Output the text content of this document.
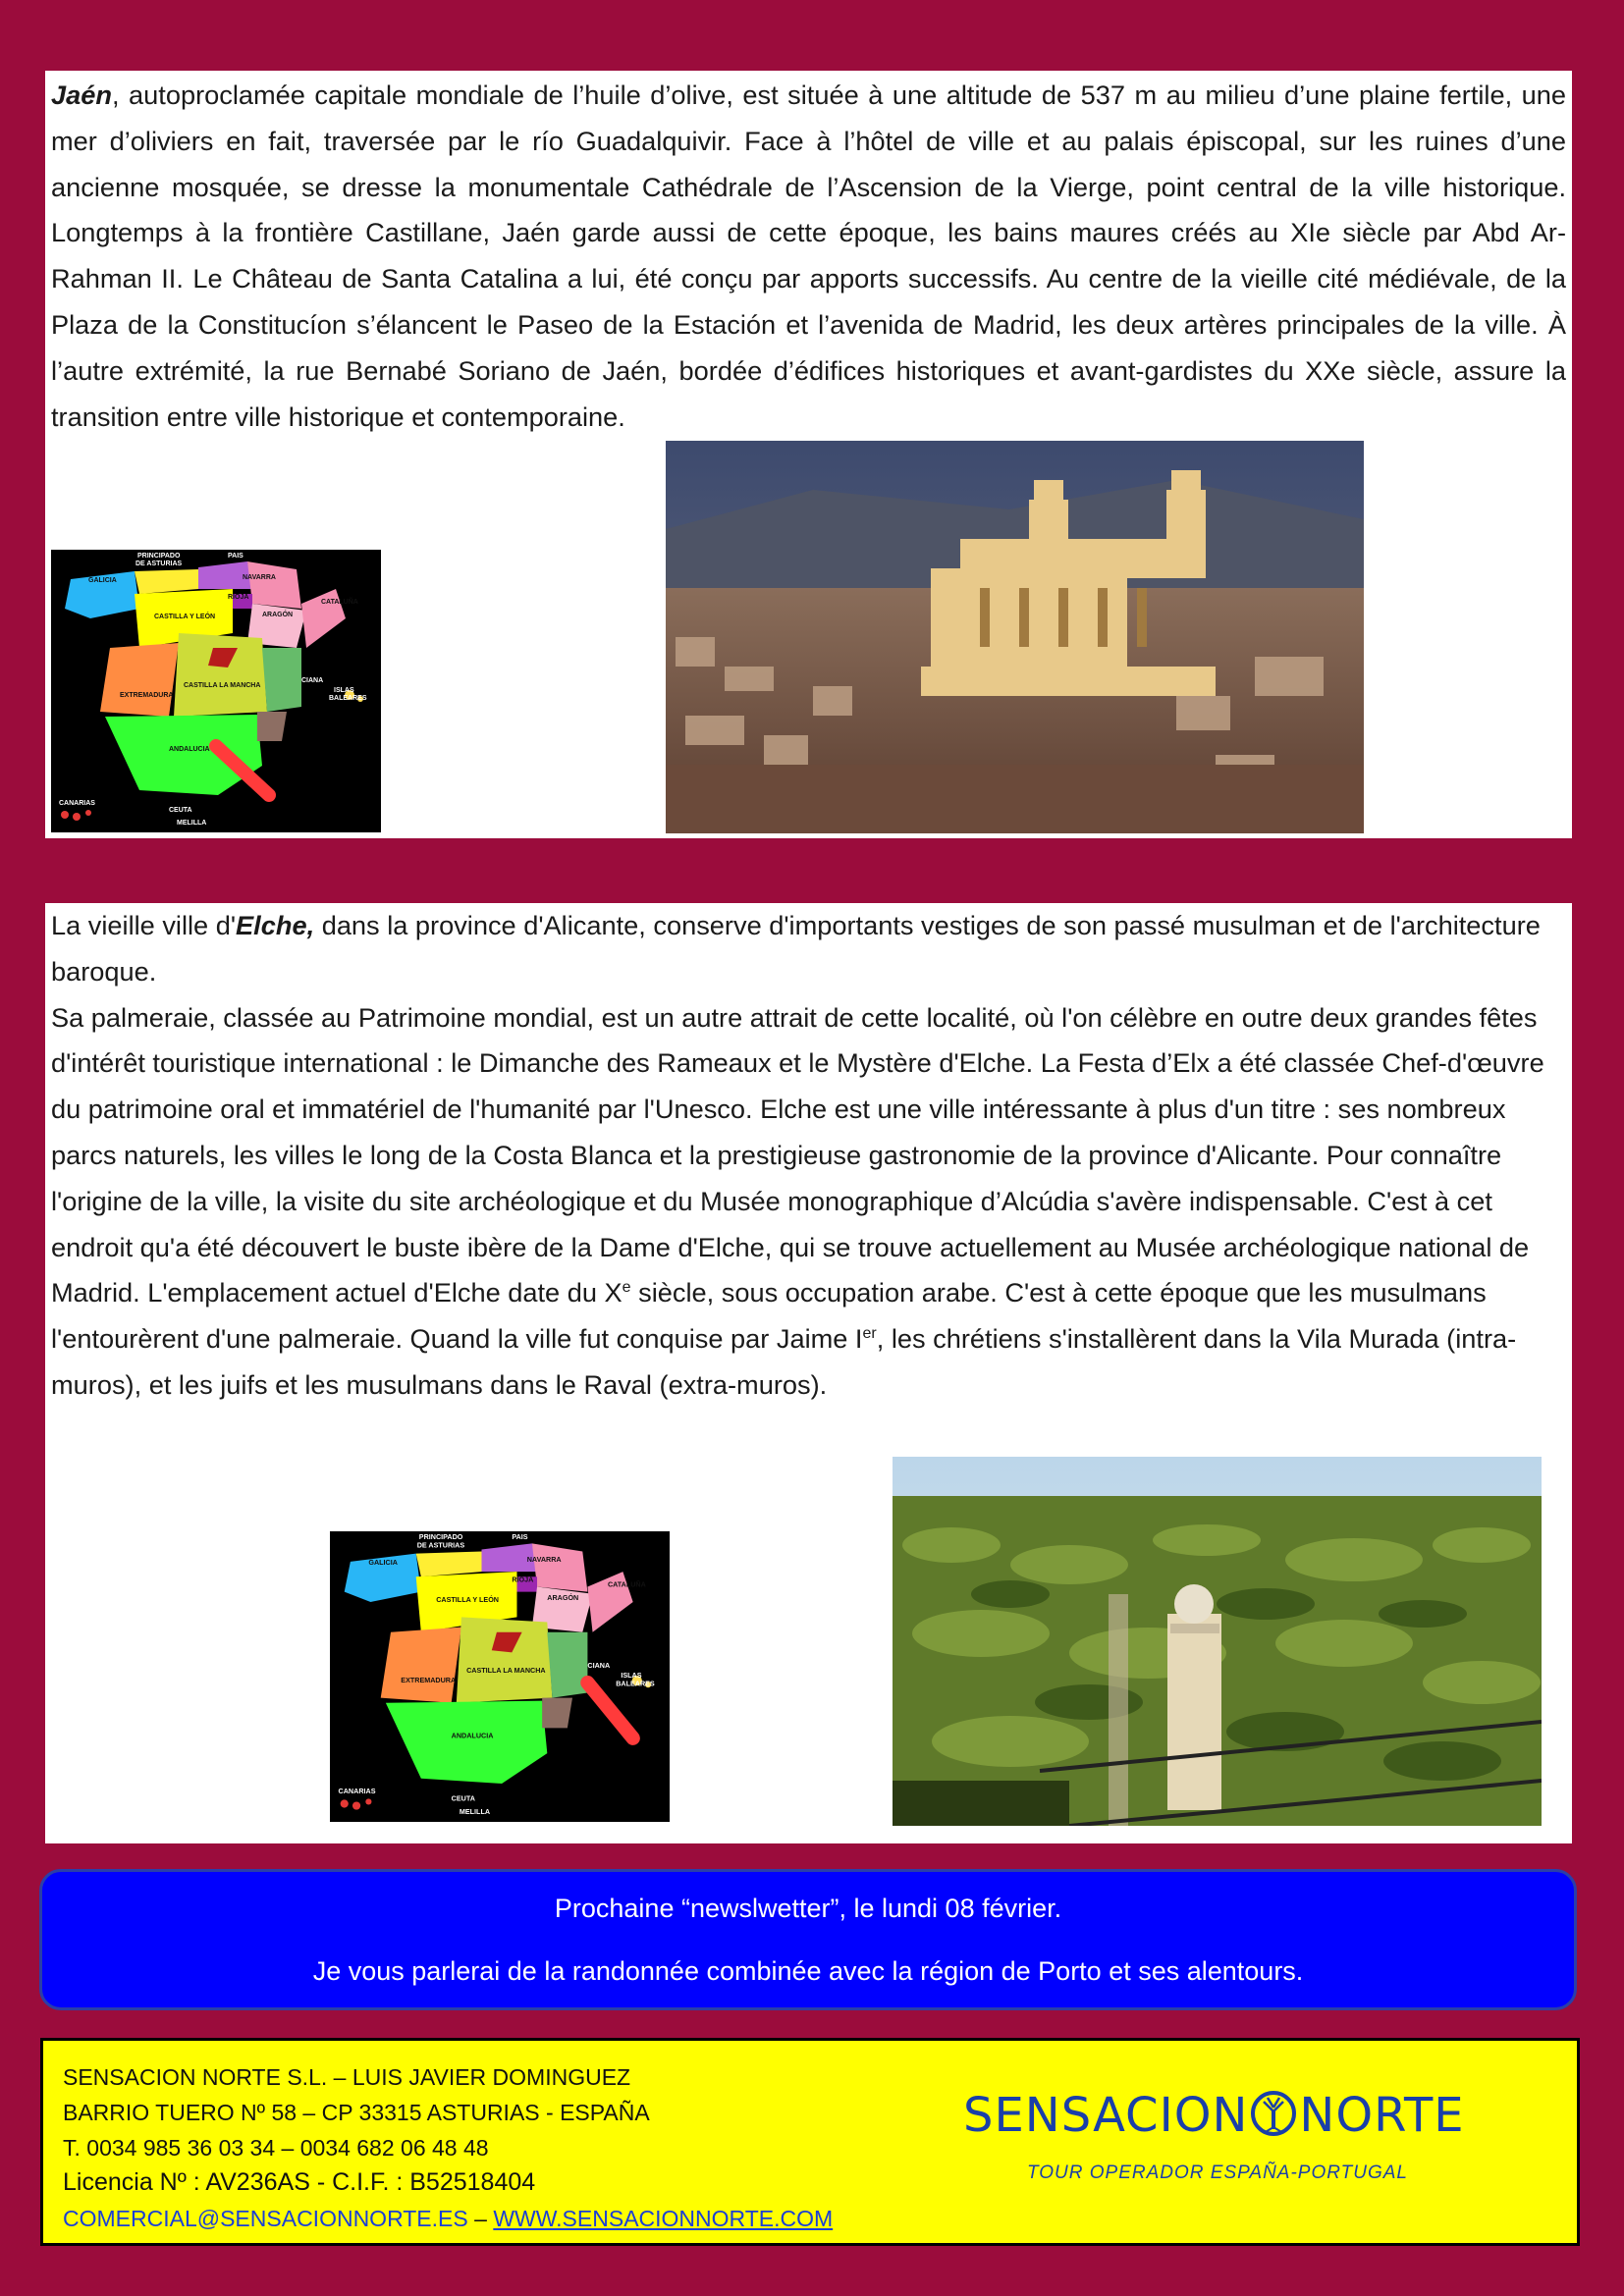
Jaén, autoproclamée capitale mondiale de l’huile d’olive, est située à une altitude de 537 m au milieu d’une plaine fertile, une mer d’oliviers en fait, traversée par le río Guadalquivir. Face à l’hôtel de ville et au palais épiscopal, sur les ruines d’une ancienne mosquée, se dresse la monumentale Cathédrale de l’Ascension de la Vierge, point central de la ville historique. Longtemps à la frontière Castillane, Jaén garde aussi de cette époque, les bains maures créés au XIe siècle par Abd Ar-Rahman II. Le Château de Santa Catalina a lui, été conçu par apports successifs. Au centre de la vieille cité médiévale, de la Plaza de la Constitucíon s’élancent le Paseo de la Estación et l’avenida de Madrid, les deux artères principales de la ville. À l’autre extrémité, la rue Bernabé Soriano de Jaén, bordée d’édifices historiques et avant-gardistes du XXe siècle, assure la transition entre ville historique et contemporaine.
PRINCIPADO
DE ASTURIAS
PAIS
GALICIA	NAVARRA
RIOJA
CATALUÑA
CASTILLA Y LEÓN	ARAGÓN
EXTREMADURA
CASTILLA LA MANCHA
CIANA
ISLAS
BALEARES
ANDALUCIA
CANARIAS
CEUTA
MELILLA
La vieille ville d'Elche, dans la province d'Alicante, conserve d'importants vestiges de son passé musulman et de l'architecture baroque.
Sa palmeraie, classée au Patrimoine mondial, est un autre attrait de cette localité, où l'on célèbre en outre deux grandes fêtes d'intérêt touristique international : le Dimanche des Rameaux et le Mystère d'Elche. La Festa d’Elx a été classée Chef-d'œuvre du patrimoine oral et immatériel de l'humanité par l'Unesco. Elche est une ville intéressante à plus d'un titre : ses nombreux parcs naturels, les villes le long de la Costa Blanca et la prestigieuse gastronomie de la province d'Alicante. Pour connaître l'origine de la ville, la visite du site archéologique et du Musée monographique d’Alcúdia s'avère indispensable. C'est à cet endroit qu'a été découvert le buste ibère de la Dame d'Elche, qui se trouve actuellement au Musée archéologique national de Madrid. L'emplacement actuel d'Elche date du Xe siècle, sous occupation arabe. C'est à cette époque que les musulmans l'entourèrent d'une palmeraie. Quand la ville fut conquise par Jaime Ier, les chrétiens s'installèrent dans la Vila Murada (intra-muros), et les juifs et les musulmans dans le Raval (extra-muros).
PRINCIPADO
DE ASTURIAS
PAIS
GALICIA	NAVARRA
RIOJA
CATALUÑA
CASTILLA Y LEÓN	ARAGÓN
EXTREMADURA
CASTILLA LA MANCHA
CIANA
ISLAS
BALEARES
ANDALUCIA
CANARIAS
CEUTA
MELILLA
Prochaine “newslwetter”, le lundi 08 février.
Je vous parlerai de la randonnée combinée avec la région de Porto et ses alentours.
SENSACION NORTE S.L. – LUIS JAVIER DOMINGUEZ
BARRIO TUERO Nº 58 – CP 33315 ASTURIAS - ESPAÑA
T. 0034 985 36 03 34 – 0034 682 06 48 48
Licencia Nº : AV236AS - C.I.F. : B52518404
COMERCIAL@SENSACIONNORTE.ES – WWW.SENSACIONNORTE.COM
SENSACION NORTE
TOUR OPERADOR ESPAÑA-PORTUGAL
